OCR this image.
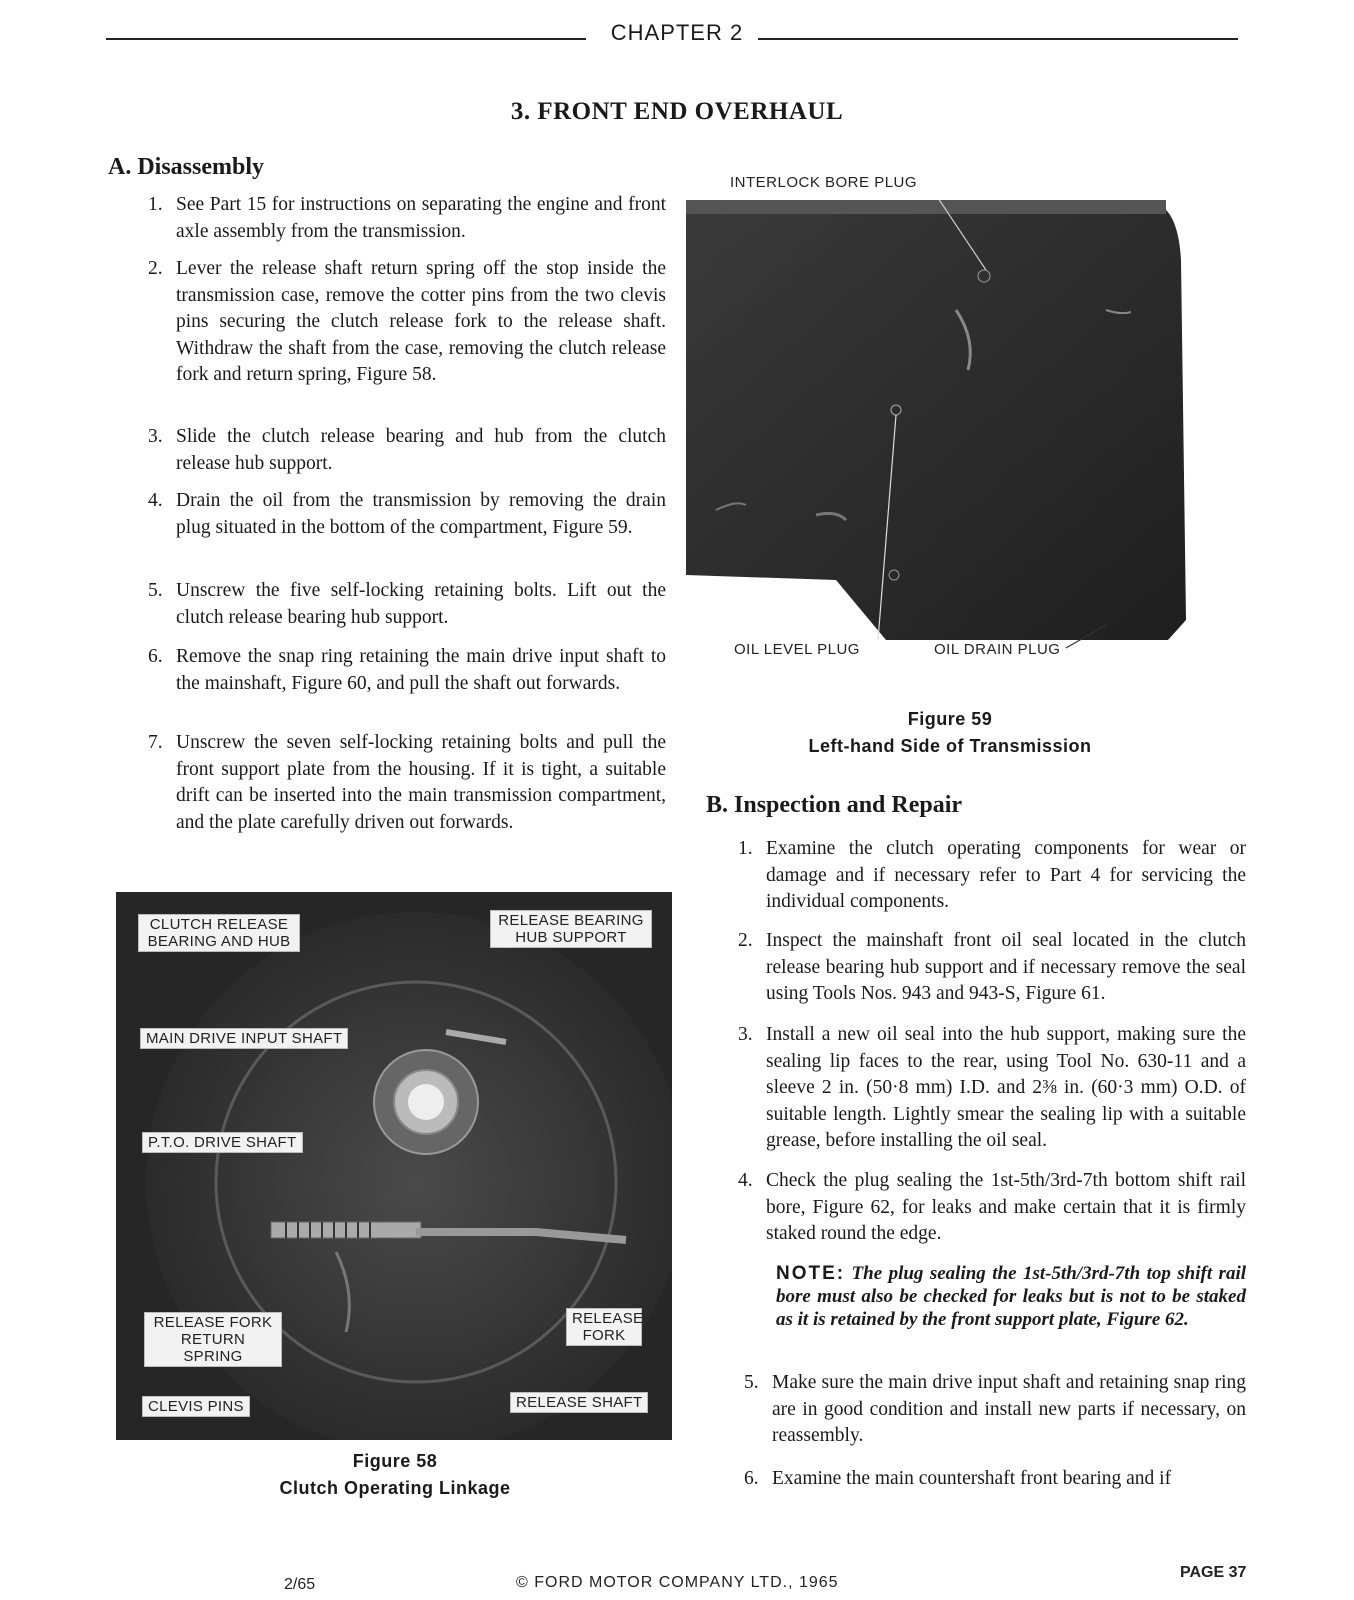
CHAPTER 2
3. FRONT END OVERHAUL
A. Disassembly
1. See Part 15 for instructions on separating the engine and front axle assembly from the transmission.
2. Lever the release shaft return spring off the stop inside the transmission case, remove the cotter pins from the two clevis pins securing the clutch release fork to the release shaft. Withdraw the shaft from the case, removing the clutch release fork and return spring, Figure 58.
3. Slide the clutch release bearing and hub from the clutch release hub support.
4. Drain the oil from the transmission by removing the drain plug situated in the bottom of the compartment, Figure 59.
5. Unscrew the five self-locking retaining bolts. Lift out the clutch release bearing hub support.
6. Remove the snap ring retaining the main drive input shaft to the mainshaft, Figure 60, and pull the shaft out forwards.
7. Unscrew the seven self-locking retaining bolts and pull the front support plate from the housing. If it is tight, a suitable drift can be inserted into the main transmission compartment, and the plate carefully driven out forwards.
INTERLOCK BORE PLUG
OIL LEVEL PLUG	OIL DRAIN PLUG
Figure 59
Left-hand Side of Transmission
B. Inspection and Repair
1. Examine the clutch operating components for wear or damage and if necessary refer to Part 4 for servicing the individual components.
2. Inspect the mainshaft front oil seal located in the clutch release bearing hub support and if necessary remove the seal using Tools Nos. 943 and 943-S, Figure 61.
3. Install a new oil seal into the hub support, making sure the sealing lip faces to the rear, using Tool No. 630-11 and a sleeve 2 in. (50·8 mm) I.D. and 2⅜ in. (60·3 mm) O.D. of suitable length. Lightly smear the sealing lip with a suitable grease, before installing the oil seal.
4. Check the plug sealing the 1st-5th/3rd-7th bottom shift rail bore, Figure 62, for leaks and make certain that it is firmly staked round the edge.
NOTE: The plug sealing the 1st-5th/3rd-7th top shift rail bore must also be checked for leaks but is not to be staked as it is retained by the front support plate, Figure 62.
5. Make sure the main drive input shaft and retaining snap ring are in good condition and install new parts if necessary, on reassembly.
6. Examine the main countershaft front bearing and if
CLUTCH RELEASE BEARING AND HUB
RELEASE BEARING HUB SUPPORT
MAIN DRIVE INPUT SHAFT
P.T.O. DRIVE SHAFT
RELEASE FORK RETURN SPRING
RELEASE FORK
CLEVIS PINS	RELEASE SHAFT
Figure 58
Clutch Operating Linkage
2/65	© FORD MOTOR COMPANY LTD., 1965
PAGE 37
